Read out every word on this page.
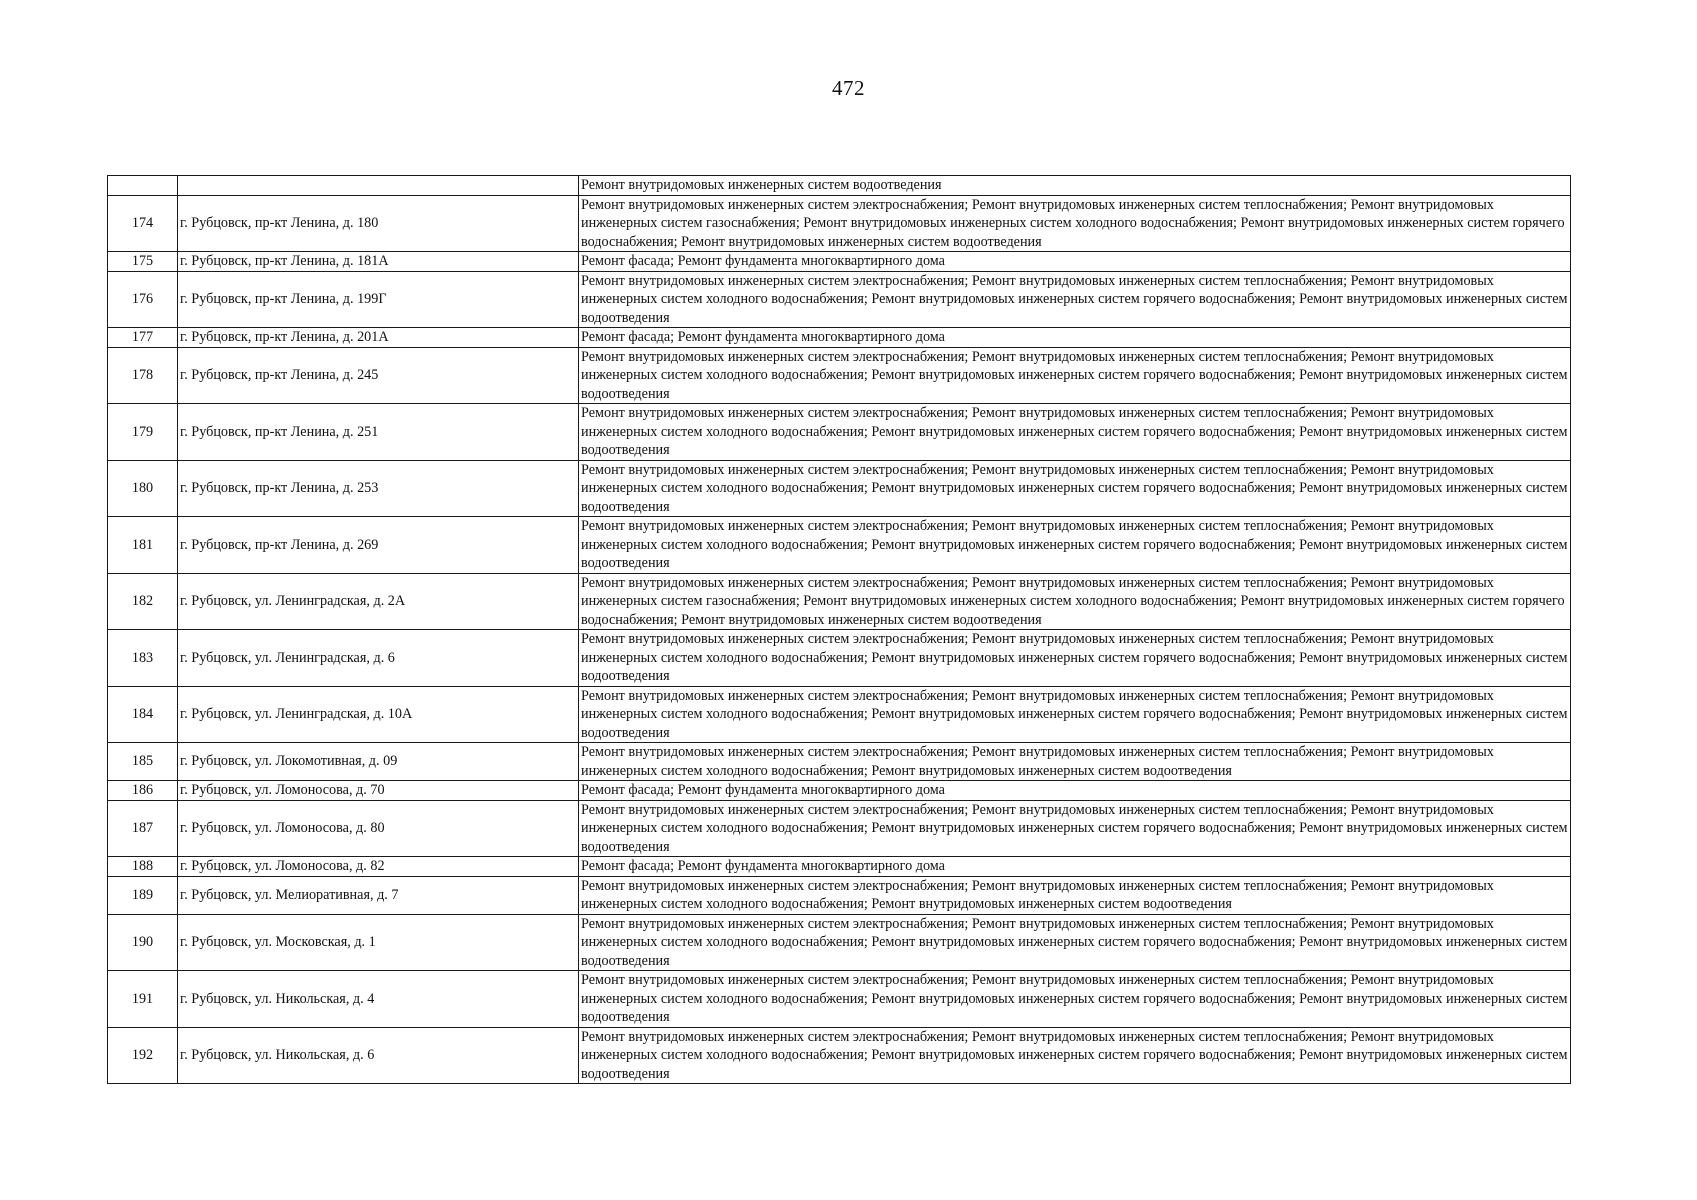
472
		Ремонт внутридомовых инженерных систем водоотведения
174	г. Рубцовск, пр-кт Ленина, д. 180	Ремонт внутридомовых инженерных систем электроснабжения; Ремонт внутридомовых инженерных систем теплоснабжения; Ремонт внутридомовых инженерных систем газоснабжения; Ремонт внутридомовых инженерных систем холодного водоснабжения; Ремонт внутридомовых инженерных систем горячего водоснабжения; Ремонт внутридомовых инженерных систем водоотведения
175	г. Рубцовск, пр-кт Ленина, д. 181А	Ремонт фасада; Ремонт фундамента многоквартирного дома
176	г. Рубцовск, пр-кт Ленина, д. 199Г	Ремонт внутридомовых инженерных систем электроснабжения; Ремонт внутридомовых инженерных систем теплоснабжения; Ремонт внутридомовых инженерных систем холодного водоснабжения; Ремонт внутридомовых инженерных систем горячего водоснабжения; Ремонт внутридомовых инженерных систем водоотведения
177	г. Рубцовск, пр-кт Ленина, д. 201А	Ремонт фасада; Ремонт фундамента многоквартирного дома
178	г. Рубцовск, пр-кт Ленина, д. 245	Ремонт внутридомовых инженерных систем электроснабжения; Ремонт внутридомовых инженерных систем теплоснабжения; Ремонт внутридомовых инженерных систем холодного водоснабжения; Ремонт внутридомовых инженерных систем горячего водоснабжения; Ремонт внутридомовых инженерных систем водоотведения
179	г. Рубцовск, пр-кт Ленина, д. 251	Ремонт внутридомовых инженерных систем электроснабжения; Ремонт внутридомовых инженерных систем теплоснабжения; Ремонт внутридомовых инженерных систем холодного водоснабжения; Ремонт внутридомовых инженерных систем горячего водоснабжения; Ремонт внутридомовых инженерных систем водоотведения
180	г. Рубцовск, пр-кт Ленина, д. 253	Ремонт внутридомовых инженерных систем электроснабжения; Ремонт внутридомовых инженерных систем теплоснабжения; Ремонт внутридомовых инженерных систем холодного водоснабжения; Ремонт внутридомовых инженерных систем горячего водоснабжения; Ремонт внутридомовых инженерных систем водоотведения
181	г. Рубцовск, пр-кт Ленина, д. 269	Ремонт внутридомовых инженерных систем электроснабжения; Ремонт внутридомовых инженерных систем теплоснабжения; Ремонт внутридомовых инженерных систем холодного водоснабжения; Ремонт внутридомовых инженерных систем горячего водоснабжения; Ремонт внутридомовых инженерных систем водоотведения
182	г. Рубцовск, ул. Ленинградская, д. 2А	Ремонт внутридомовых инженерных систем электроснабжения; Ремонт внутридомовых инженерных систем теплоснабжения; Ремонт внутридомовых инженерных систем газоснабжения; Ремонт внутридомовых инженерных систем холодного водоснабжения; Ремонт внутридомовых инженерных систем горячего водоснабжения; Ремонт внутридомовых инженерных систем водоотведения
183	г. Рубцовск, ул. Ленинградская, д. 6	Ремонт внутридомовых инженерных систем электроснабжения; Ремонт внутридомовых инженерных систем теплоснабжения; Ремонт внутридомовых инженерных систем холодного водоснабжения; Ремонт внутридомовых инженерных систем горячего водоснабжения; Ремонт внутридомовых инженерных систем водоотведения
184	г. Рубцовск, ул. Ленинградская, д. 10А	Ремонт внутридомовых инженерных систем электроснабжения; Ремонт внутридомовых инженерных систем теплоснабжения; Ремонт внутридомовых инженерных систем холодного водоснабжения; Ремонт внутридомовых инженерных систем горячего водоснабжения; Ремонт внутридомовых инженерных систем водоотведения
185	г. Рубцовск, ул. Локомотивная, д. 09	Ремонт внутридомовых инженерных систем электроснабжения; Ремонт внутридомовых инженерных систем теплоснабжения; Ремонт внутридомовых инженерных систем холодного водоснабжения; Ремонт внутридомовых инженерных систем водоотведения
186	г. Рубцовск, ул. Ломоносова, д. 70	Ремонт фасада; Ремонт фундамента многоквартирного дома
187	г. Рубцовск, ул. Ломоносова, д. 80	Ремонт внутридомовых инженерных систем электроснабжения; Ремонт внутридомовых инженерных систем теплоснабжения; Ремонт внутридомовых инженерных систем холодного водоснабжения; Ремонт внутридомовых инженерных систем горячего водоснабжения; Ремонт внутридомовых инженерных систем водоотведения
188	г. Рубцовск, ул. Ломоносова, д. 82	Ремонт фасада; Ремонт фундамента многоквартирного дома
189	г. Рубцовск, ул. Мелиоративная, д. 7	Ремонт внутридомовых инженерных систем электроснабжения; Ремонт внутридомовых инженерных систем теплоснабжения; Ремонт внутридомовых инженерных систем холодного водоснабжения; Ремонт внутридомовых инженерных систем водоотведения
190	г. Рубцовск, ул. Московская, д. 1	Ремонт внутридомовых инженерных систем электроснабжения; Ремонт внутридомовых инженерных систем теплоснабжения; Ремонт внутридомовых инженерных систем холодного водоснабжения; Ремонт внутридомовых инженерных систем горячего водоснабжения; Ремонт внутридомовых инженерных систем водоотведения
191	г. Рубцовск, ул. Никольская, д. 4	Ремонт внутридомовых инженерных систем электроснабжения; Ремонт внутридомовых инженерных систем теплоснабжения; Ремонт внутридомовых инженерных систем холодного водоснабжения; Ремонт внутридомовых инженерных систем горячего водоснабжения; Ремонт внутридомовых инженерных систем водоотведения
192	г. Рубцовск, ул. Никольская, д. 6	Ремонт внутридомовых инженерных систем электроснабжения; Ремонт внутридомовых инженерных систем теплоснабжения; Ремонт внутридомовых инженерных систем холодного водоснабжения; Ремонт внутридомовых инженерных систем горячего водоснабжения; Ремонт внутридомовых инженерных систем водоотведения
